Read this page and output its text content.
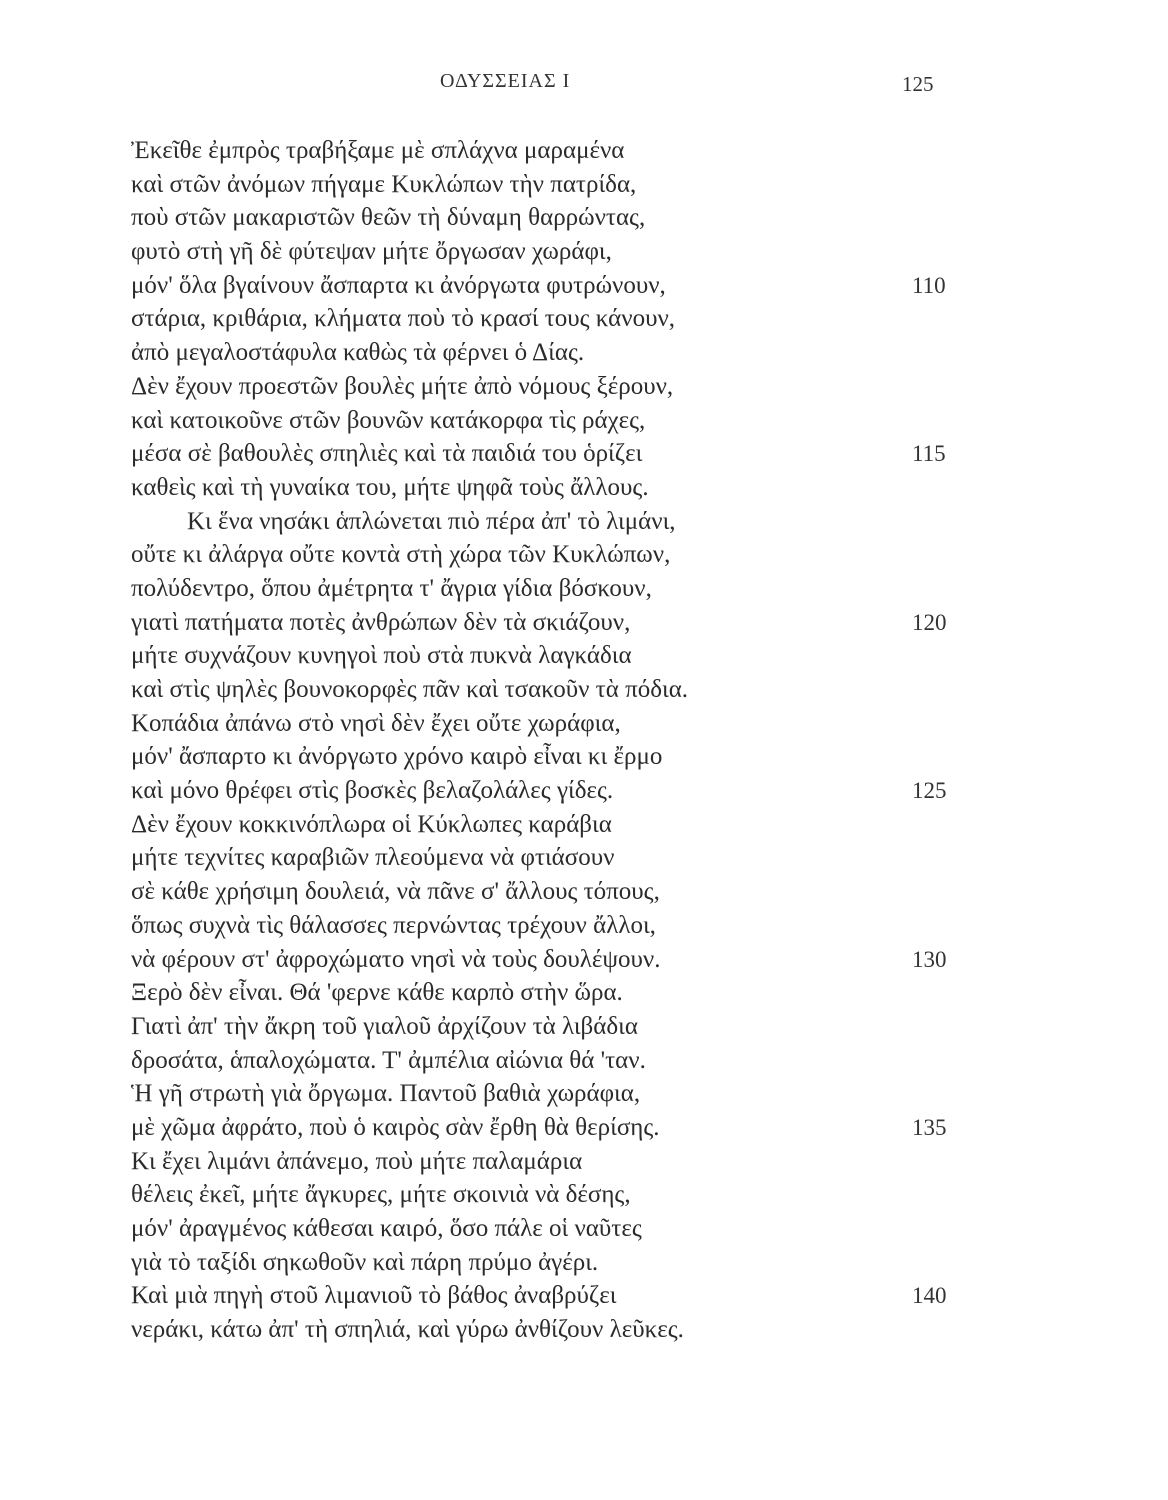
ΟΔΥΣΣΕΙΑΣ Ι	125
Ἐκεῖθε ἐμπρὸς τραβήξαμε μὲ σπλάχνα μαραμένα
καὶ στῶν ἀνόμων πήγαμε Κυκλώπων τὴν πατρίδα,
ποὺ στῶν μακαριστῶν θεῶν τὴ δύναμη θαρρώντας,
φυτὸ στὴ γῆ δὲ φύτεψαν μήτε ὄργωσαν χωράφι,
μόν' ὅλα βγαίνουν ἄσπαρτα κι ἀνόργωτα φυτρώνουν,	110
στάρια, κριθάρια, κλήματα ποὺ τὸ κρασί τους κάνουν,
ἀπὸ μεγαλοστάφυλα καθὼς τὰ φέρνει ὁ Δίας.
Δὲν ἔχουν προεστῶν βουλὲς μήτε ἀπὸ νόμους ξέρουν,
καὶ κατοικοῦνε στῶν βουνῶν κατάκορφα τὶς ράχες,
μέσα σὲ βαθουλὲς σπηλιὲς καὶ τὰ παιδιά του ὁρίζει	115
καθεὶς καὶ τὴ γυναίκα του, μήτε ψηφᾶ τοὺς ἄλλους.
Κι ἕνα νησάκι ἁπλώνεται πιὸ πέρα ἀπ' τὸ λιμάνι,
οὔτε κι ἀλάργα οὔτε κοντὰ στὴ χώρα τῶν Κυκλώπων,
πολύδεντρο, ὅπου ἀμέτρητα τ' ἄγρια γίδια βόσκουν,
γιατὶ πατήματα ποτὲς ἀνθρώπων δὲν τὰ σκιάζουν,	120
μήτε συχνάζουν κυνηγοὶ ποὺ στὰ πυκνὰ λαγκάδια
καὶ στὶς ψηλὲς βουνοκορφὲς πᾶν καὶ τσακοῦν τὰ πόδια.
Κοπάδια ἀπάνω στὸ νησὶ δὲν ἔχει οὔτε χωράφια,
μόν' ἄσπαρτο κι ἀνόργωτο χρόνο καιρὸ εἶναι κι ἔρμο
καὶ μόνο θρέφει στὶς βοσκὲς βελαζολάλες γίδες.	125
Δὲν ἔχουν κοκκινόπλωρα οἱ Κύκλωπες καράβια
μήτε τεχνίτες καραβιῶν πλεούμενα νὰ φτιάσουν
σὲ κάθε χρήσιμη δουλειά, νὰ πᾶνε σ' ἄλλους τόπους,
ὅπως συχνὰ τὶς θάλασσες περνώντας τρέχουν ἄλλοι,
νὰ φέρουν στ' ἀφροχώματο νησὶ νὰ τοὺς δουλέψουν.	130
Ξερὸ δὲν εἶναι. Θά 'φερνε κάθε καρπὸ στὴν ὥρα.
Γιατὶ ἀπ' τὴν ἄκρη τοῦ γιαλοῦ ἀρχίζουν τὰ λιβάδια
δροσάτα, ἁπαλοχώματα. Τ' ἀμπέλια αἰώνια θά 'ταν.
Ἡ γῆ στρωτὴ γιὰ ὄργωμα. Παντοῦ βαθιὰ χωράφια,
μὲ χῶμα ἀφράτο, ποὺ ὁ καιρὸς σὰν ἔρθη θὰ θερίσης.	135
Κι ἔχει λιμάνι ἀπάνεμο, ποὺ μήτε παλαμάρια
θέλεις ἐκεῖ, μήτε ἄγκυρες, μήτε σκοινιὰ νὰ δέσης,
μόν' ἀραγμένος κάθεσαι καιρό, ὅσο πάλε οἱ ναῦτες
γιὰ τὸ ταξίδι σηκωθοῦν καὶ πάρη πρύμο ἀγέρι.
Καὶ μιὰ πηγὴ στοῦ λιμανιοῦ τὸ βάθος ἀναβρύζει	140
νεράκι, κάτω ἀπ' τὴ σπηλιά, καὶ γύρω ἀνθίζουν λεῦκες.
